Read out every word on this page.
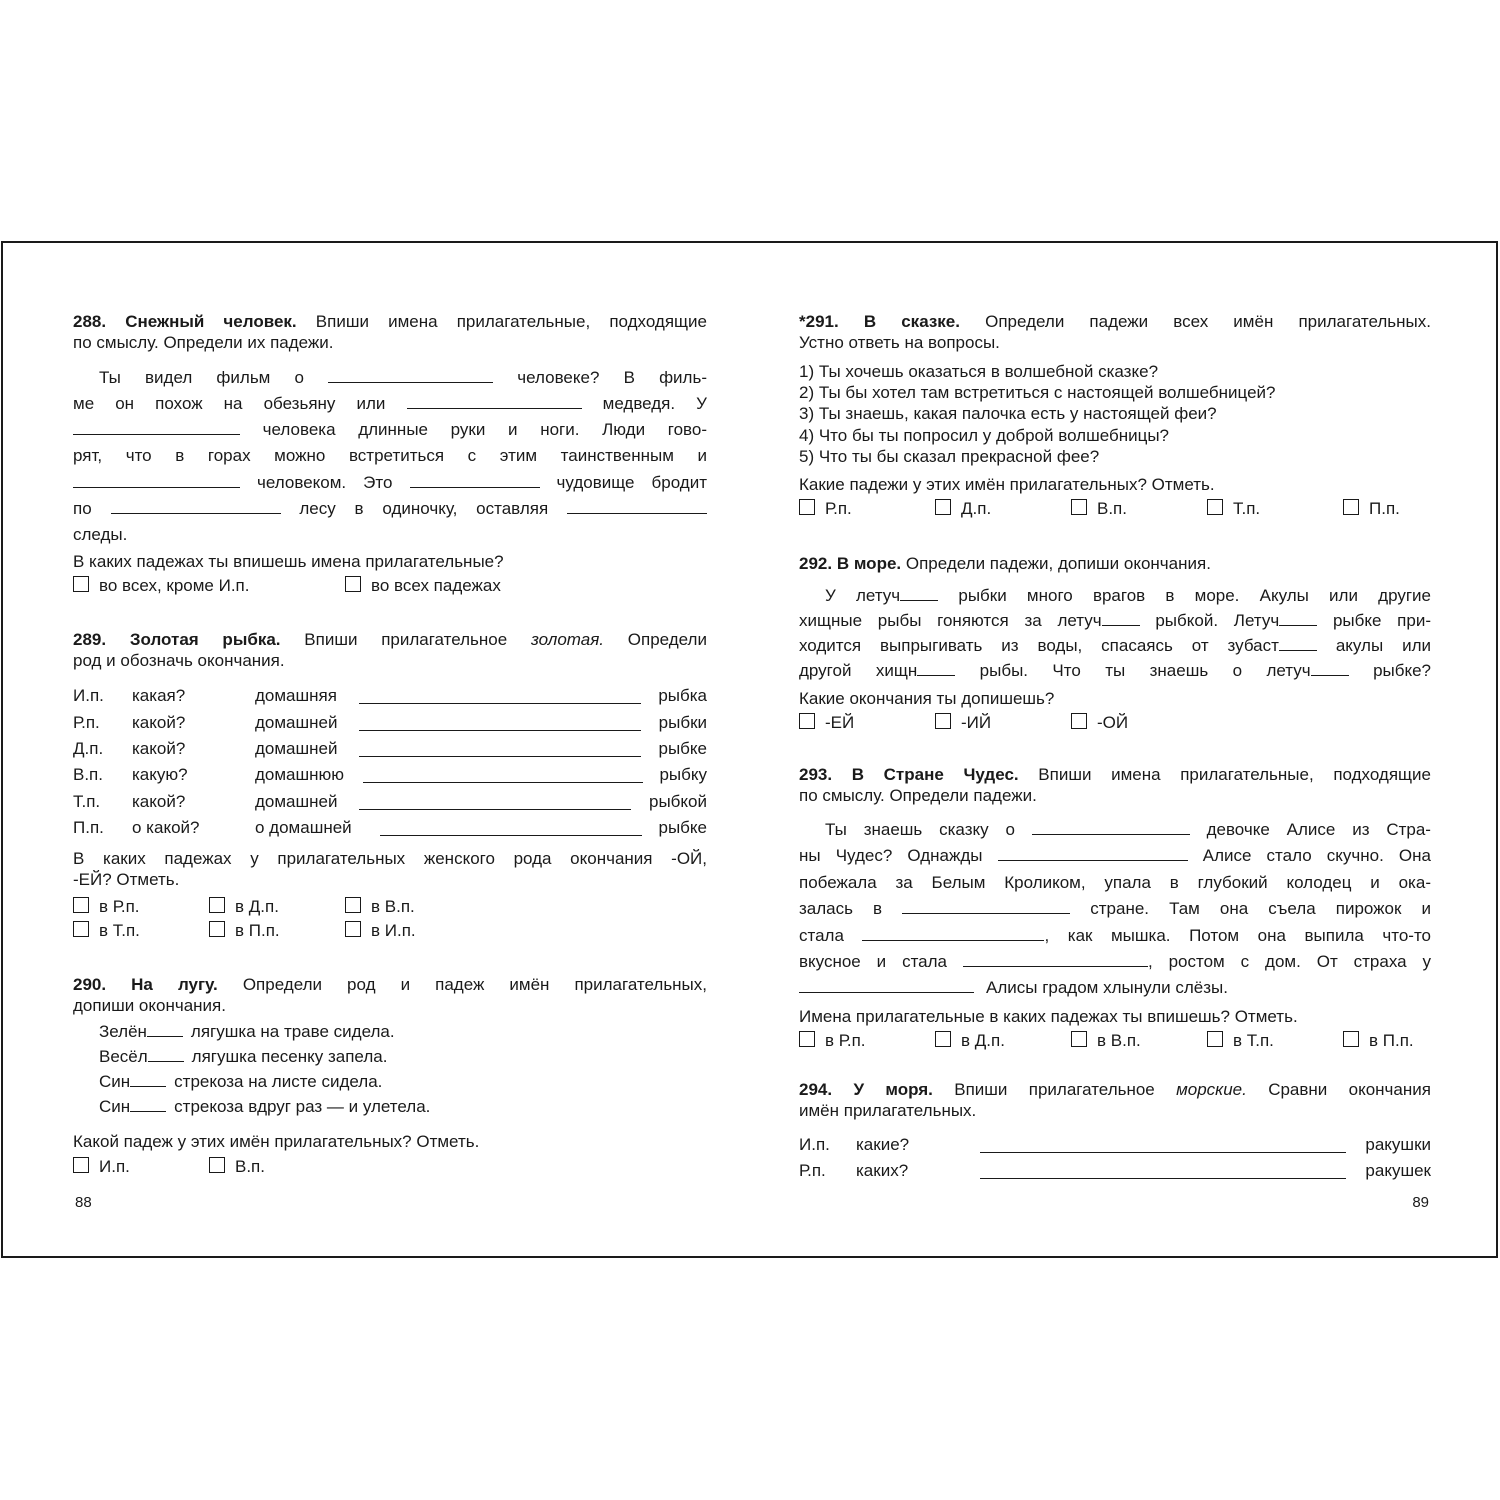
288. Снежный человек. Впиши имена прилагательные, подходящие
по смыслу. Определи их падежи.
Ты видел фильм о	человеке? В филь-
ме он похож на обезьяну или	медведя. У
человека длинные руки и ноги. Люди гово-
рят, что в горах можно встретиться с этим таинственным и
человеком. Это	чудовище бродит
по	лесу в одиночку, оставляя
следы.
В каких падежах ты впишешь имена прилагательные?
во всех, кроме И.п.	во всех падежах
289. Золотая рыбка. Впиши прилагательное золотая. Определи
род и обозначь окончания.
И.п. какая?	домашняя	рыбка
Р.п. какой?	домашней	рыбки
Д.п. какой?	домашней	рыбке
В.п. какую?	домашнюю	рыбку
Т.п. какой?	домашней	рыбкой
П.п. о какой?	о домашней	рыбке
В каких падежах у прилагательных женского рода окончания -ОЙ,
-ЕЙ? Отметь.
в Р.п.	в Д.п.	в В.п.
в Т.п.	в П.п.	в И.п.
290. На лугу. Определи род и падеж имён прилагательных,
допиши окончания.
Зелён	лягушка на траве сидела.
Весёл	лягушка песенку запела.
Син	стрекоза на листе сидела.
Син	стрекоза вдруг раз — и улетела.
Какой падеж у этих имён прилагательных? Отметь.
И.п.	В.п.
88
*291. В сказке. Определи падежи всех имён прилагательных.
Устно ответь на вопросы.
1) Ты хочешь оказаться в волшебной сказке?
2) Ты бы хотел там встретиться с настоящей волшебницей?
3) Ты знаешь, какая палочка есть у настоящей феи?
4) Что бы ты попросил у доброй волшебницы?
5) Что ты бы сказал прекрасной фее?
Какие падежи у этих имён прилагательных? Отметь.
Р.п.	Д.п.	В.п.	Т.п.	П.п.
292. В море. Определи падежи, допиши окончания.
У летуч	рыбки много врагов в море. Акулы или другие
хищные рыбы гоняются за летуч	рыбкой. Летуч	рыбке при-
ходится выпрыгивать из воды, спасаясь от зубаст	акулы или
другой хищн	рыбы. Что ты знаешь о летуч	рыбке?
Какие окончания ты допишешь?
-ЕЙ	-ИЙ	-ОЙ
293. В Стране Чудес. Впиши имена прилагательные, подходящие
по смыслу. Определи падежи.
Ты знаешь сказку о	девочке Алисе из Стра-
ны Чудес? Однажды	Алисе стало скучно. Она
побежала за Белым Кроликом, упала в глубокий колодец и ока-
залась в	стране. Там она съела пирожок и
стала	, как мышка. Потом она выпила что-то
вкусное и стала	, ростом с дом. От страха у
Алисы градом хлынули слёзы.
Имена прилагательные в каких падежах ты впишешь? Отметь.
в Р.п.	в Д.п.	в В.п.	в Т.п.	в П.п.
294. У моря. Впиши прилагательное морские. Сравни окончания
имён прилагательных.
И.п. какие?	ракушки
Р.п. каких?	ракушек
89
